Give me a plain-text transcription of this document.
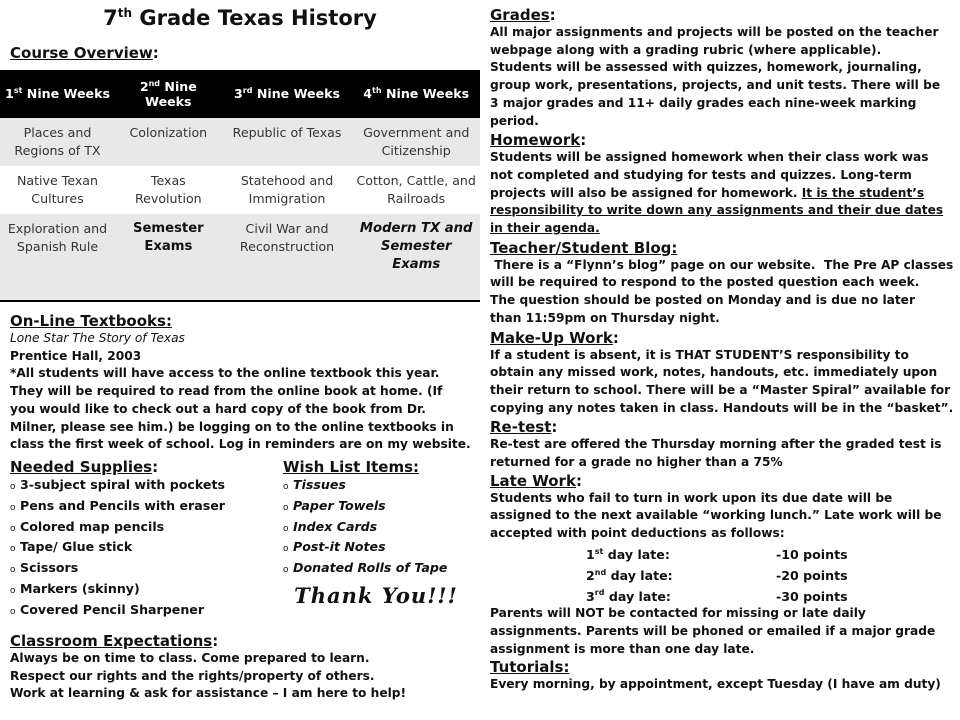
7th Grade Texas History
Course Overview:
1st Nine Weeks	2nd Nine Weeks	3rd Nine Weeks	4th Nine Weeks
Places and Regions of TX	Colonization	Republic of Texas	Government and Citizenship
Native Texan Cultures	Texas Revolution	Statehood and Immigration	Cotton, Cattle, and Railroads
Exploration and Spanish Rule	Semester Exams	Civil War and Reconstruction	Modern TX and Semester Exams
On-Line Textbooks:
Lone Star The Story of Texas
Prentice Hall, 2003
*All students will have access to the online textbook this year.
They will be required to read from the online book at home. (If
you would like to check out a hard copy of the book from Dr.
Milner, please see him.) be logging on to the online textbooks in
class the first week of school. Log in reminders are on my website.
Needed Supplies:
o 3-subject spiral with pockets
o Pens and Pencils with eraser
o Colored map pencils
o Tape/ Glue stick
o Scissors
o Markers (skinny)
o Covered Pencil Sharpener
Wish List Items:
o Tissues
o Paper Towels
o Index Cards
o Post-it Notes
o Donated Rolls of Tape
Thank You!!!
Classroom Expectations:
Always be on time to class. Come prepared to learn.
Respect our rights and the rights/property of others.
Work at learning & ask for assistance – I am here to help!
Grades:
All major assignments and projects will be posted on the teacher
webpage along with a grading rubric (where applicable).
Students will be assessed with quizzes, homework, journaling,
group work, presentations, projects, and unit tests. There will be
3 major grades and 11+ daily grades each nine-week marking
period.
Homework:
Students will be assigned homework when their class work was
not completed and studying for tests and quizzes. Long-term
projects will also be assigned for homework. It is the student’s
responsibility to write down any assignments and their due dates
in their agenda.
Teacher/Student Blog:
There is a “Flynn’s blog” page on our website.  The Pre AP classes
will be required to respond to the posted question each week.
The question should be posted on Monday and is due no later
than 11:59pm on Thursday night.
Make-Up Work:
If a student is absent, it is THAT STUDENT’S responsibility to
obtain any missed work, notes, handouts, etc. immediately upon
their return to school. There will be a “Master Spiral” available for
copying any notes taken in class. Handouts will be in the “basket”.
Re-test:
Re-test are offered the Thursday morning after the graded test is
returned for a grade no higher than a 75%
Late Work:
Students who fail to turn in work upon its due date will be
assigned to the next available “working lunch.” Late work will be
accepted with point deductions as follows:
1st day late:	-10 points
2nd day late:	-20 points
3rd day late:	-30 points
Parents will NOT be contacted for missing or late daily
assignments. Parents will be phoned or emailed if a major grade
assignment is more than one day late.
Tutorials:
Every morning, by appointment, except Tuesday (I have am duty)
